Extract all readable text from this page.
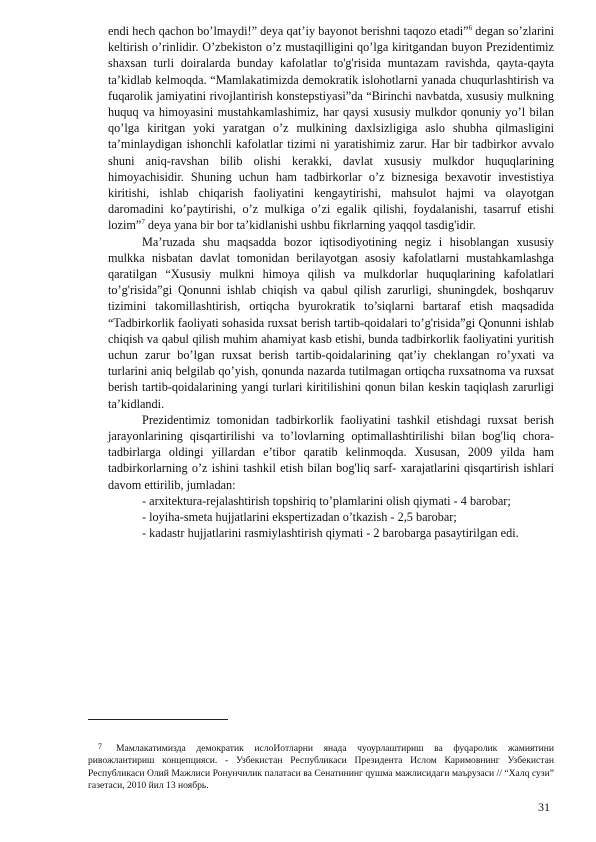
endi hech qachon bo’lmaydi!” deya qat’iy bayonot berishni taqozo etadi”$^6$ degan so’zlarini keltirish o’rinlidir. O’zbekiston o’z mustaqilligini qo’lga kiritgandan buyon Prezidentimiz shaxsan turli doiralarda bunday kafolatlar to'g'risida muntazam ravishda, qayta-qayta ta’kidlab kelmoqda. “Mamlakatimizda demokratik islohotlarni yanada chuqurlashtirish va fuqarolik jamiyatini rivojlantirish konstepstiyasi”da “Birinchi navbatda, xususiy mulkning huquq va himoyasini mustahkamlashimiz, har qaysi xususiy mulkdor qonuniy yo’l bilan qo’lga kiritgan yoki yaratgan o’z mulkining daxlsizligiga aslo shubha qilmasligini ta’minlaydigan ishonchli kafolatlar tizimi ni yaratishimiz zarur. Har bir tadbirkor avvalo shuni aniq-ravshan bilib olishi kerakki, davlat xususiy mulkdor huquqlarining himoyachisidir. Shuning uchun ham tadbirkorlar o’z biznesiga bexavotir investistiya kiritishi, ishlab chiqarish faoliyatini kengaytirishi, mahsulot hajmi va olayotgan daromadini ko’paytirishi, o’z mulkiga o’zi egalik qilishi, foydalanishi, tasarruf etishi lozim”$^7$ deya yana bir bor ta’kidlanishi ushbu fikrlarning yaqqol tasdig'idir.

Ma’ruzada shu maqsadda bozor iqtisodiyotining negiz i hisoblangan xususiy mulkka nisbatan davlat tomonidan berilayotgan asosiy kafolatlarni mustahkamlashga qaratilgan “Xususiy mulkni himoya qilish va mulkdorlar huquqlarining kafolatlari to’g'risida”gi Qonunni ishlab chiqish va qabul qilish zarurligi, shuningdek, boshqaruv tizimini takomillashtirish, ortiqcha byurokratik to’siqlarni bartaraf etish maqsadida “Tadbirkorlik faoliyati sohasida ruxsat berish tartib-qoidalari to’g'risida”gi Qonunni ishlab chiqish va qabul qilish muhim ahamiyat kasb etishi, bunda tadbirkorlik faoliyatini yuritish uchun zarur bo’lgan ruxsat berish tartib-qoidalarining qat’iy cheklangan ro’yxati va turlarini aniq belgilab qo’yish, qonunda nazarda tutilmagan ortiqcha ruxsatnoma va ruxsat berish tartib-qoidalarining yangi turlari kiritilishini qonun bilan keskin taqiqlash zarurligi ta’kidlandi.

Prezidentimiz tomonidan tadbirkorlik faoliyatini tashkil etishdagi ruxsat berish jarayonlarining qisqartirilishi va to’lovlarning optimallashtirilishi bilan bog'liq chora-tadbirlarga oldingi yillardan e’tibor qaratib kelinmoqda. Xususan, 2009 yilda ham tadbirkorlarning o’z ishini tashkil etish bilan bog'liq sarf- xarajatlarini qisqartirish ishlari davom ettirilib, jumladan:

- arxitektura-rejalashtirish topshiriq to’plamlarini olish qiymati - 4 barobar;

- loyiha-smeta hujjatlarini ekspertizadan o’tkazish - 2,5 barobar;

- kadastr hujjatlarini rasmiylashtirish qiymati - 2 barobarga pasaytirilgan edi.

7 Мамлакатимизда демократик ислоИотларни янада чуоурлаштириш ва фуqаролик жамиятини ривожлантириш концепцияси. - Узбекистан Республикаси Президента Ислом Каримовнинг Узбекистан Республикаси Олий Мажлиси Ронунчилик палатаси ва Сенатининг qушма мажлисидаги маърузаси // “Халq сузи” газетаси, 2010 йил 13 ноябрь.

31
